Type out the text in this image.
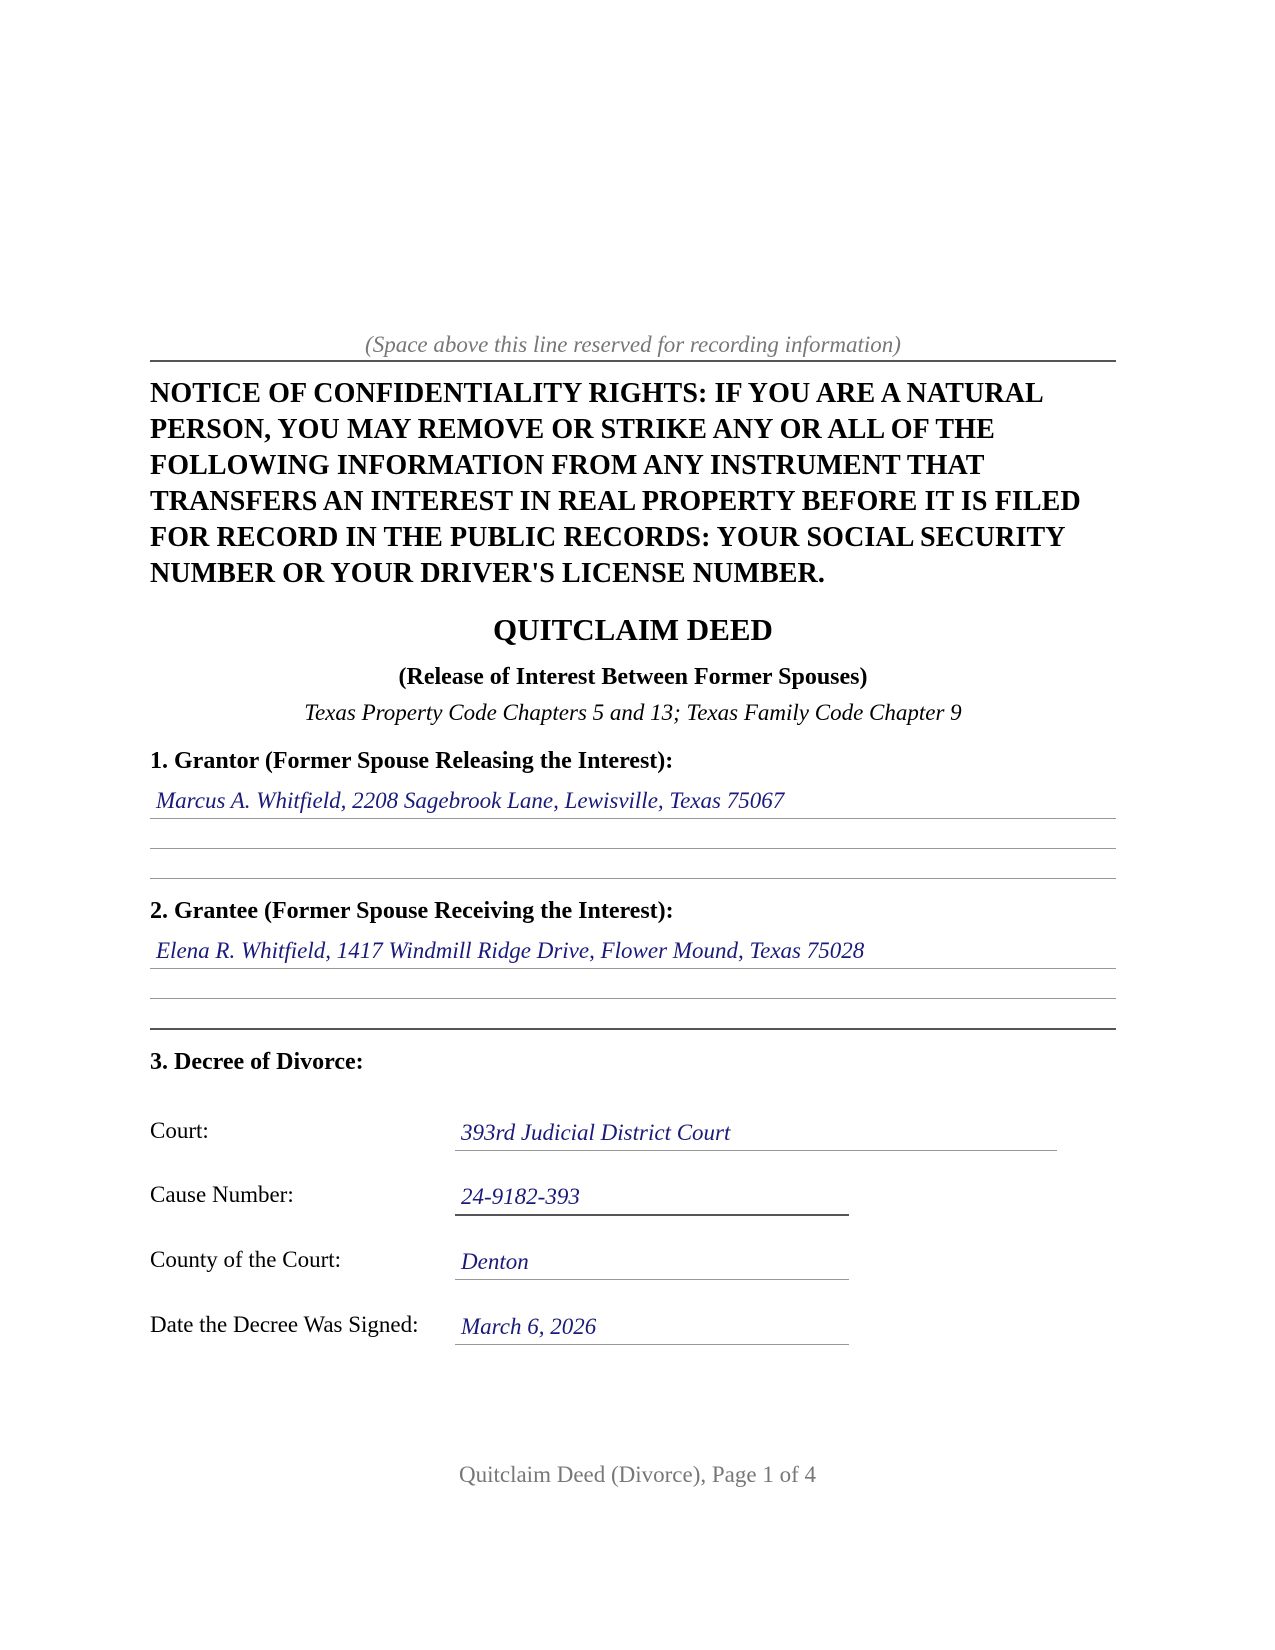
(Space above this line reserved for recording information)

NOTICE OF CONFIDENTIALITY RIGHTS: IF YOU ARE A NATURAL PERSON, YOU MAY REMOVE OR STRIKE ANY OR ALL OF THE FOLLOWING INFORMATION FROM ANY INSTRUMENT THAT TRANSFERS AN INTEREST IN REAL PROPERTY BEFORE IT IS FILED FOR RECORD IN THE PUBLIC RECORDS: YOUR SOCIAL SECURITY NUMBER OR YOUR DRIVER'S LICENSE NUMBER.

QUITCLAIM DEED
(Release of Interest Between Former Spouses)
Texas Property Code Chapters 5 and 13; Texas Family Code Chapter 9
1. Grantor (Former Spouse Releasing the Interest):
Marcus A. Whitfield, 2208 Sagebrook Lane, Lewisville, Texas 75067
2. Grantee (Former Spouse Receiving the Interest):
Elena R. Whitfield, 1417 Windmill Ridge Drive, Flower Mound, Texas 75028
3. Decree of Divorce:
Court:	393rd Judicial District Court
Cause Number:	24-9182-393
County of the Court:	Denton
Date the Decree Was Signed: March 6, 2026
Quitclaim Deed (Divorce), Page 1 of 4
